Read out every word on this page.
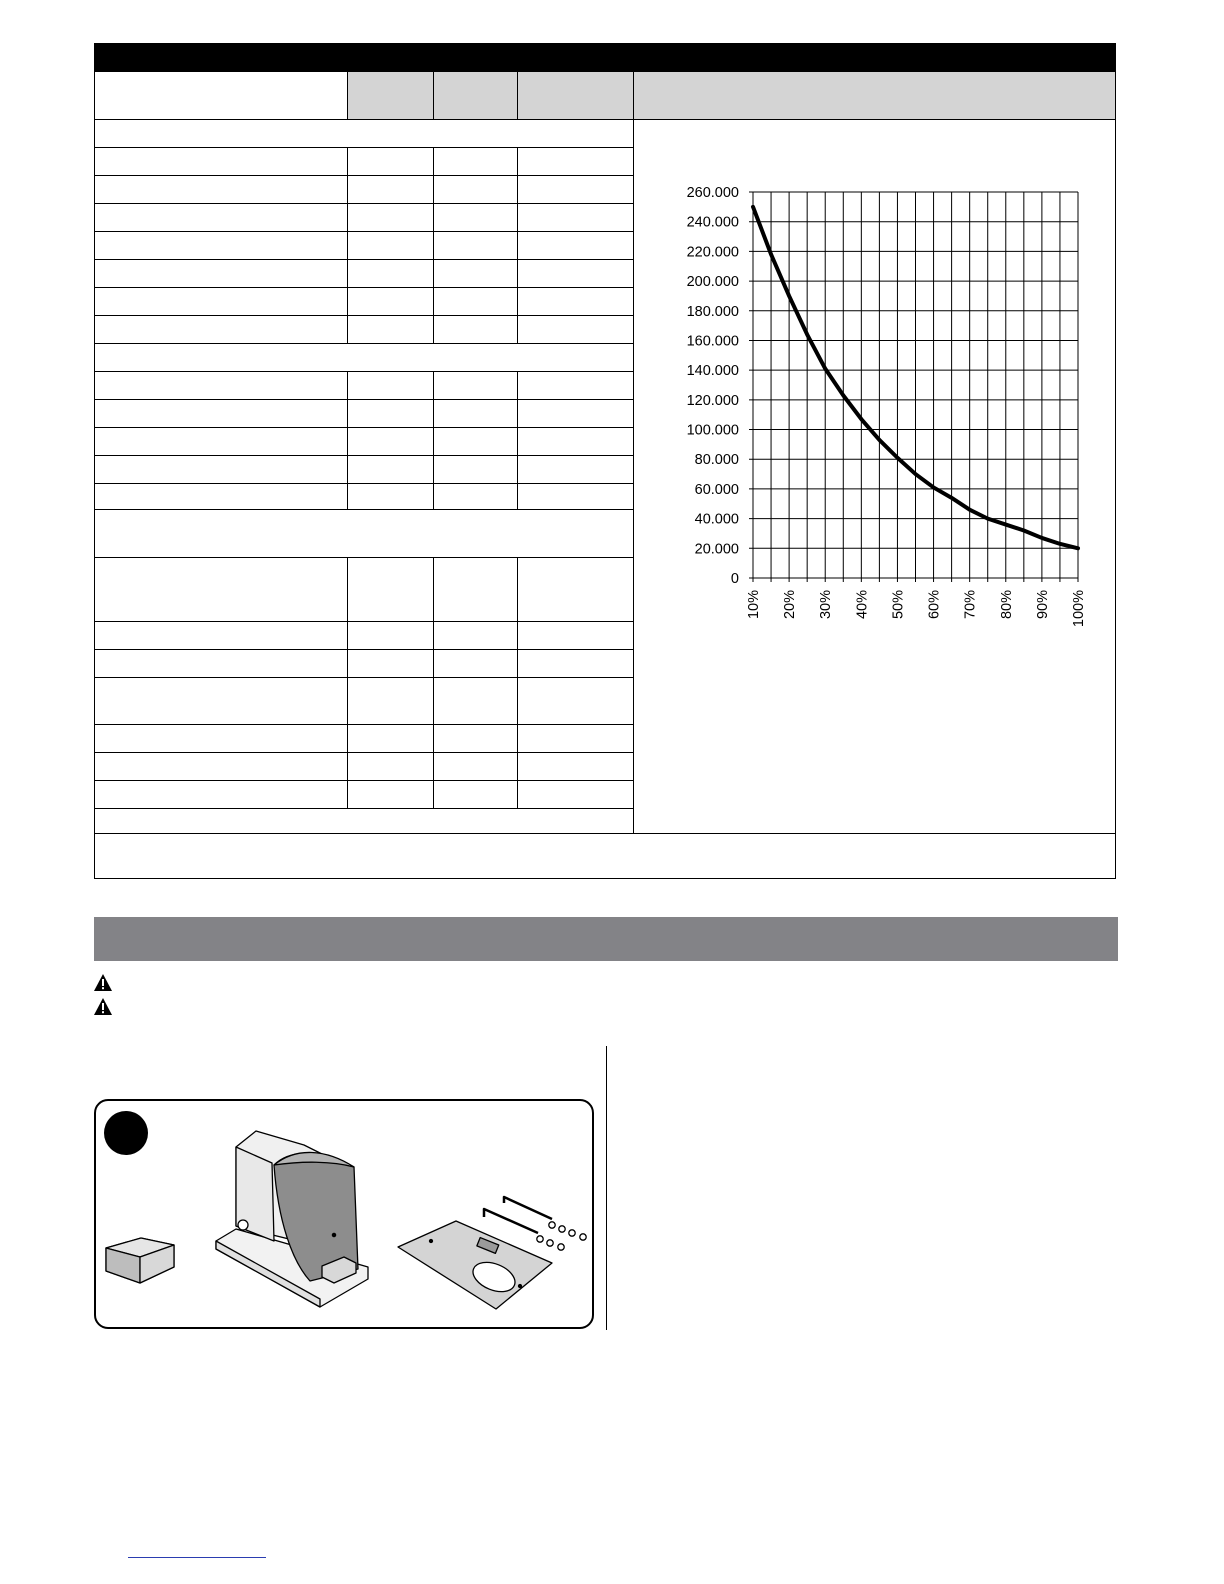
0
20.000
40.000
60.000
80.000
100.000
120.000
140.000
160.000
180.000
200.000
220.000
240.000
260.000
10% 20% 30% 40% 50% 60% 70% 80% 90% 100%
